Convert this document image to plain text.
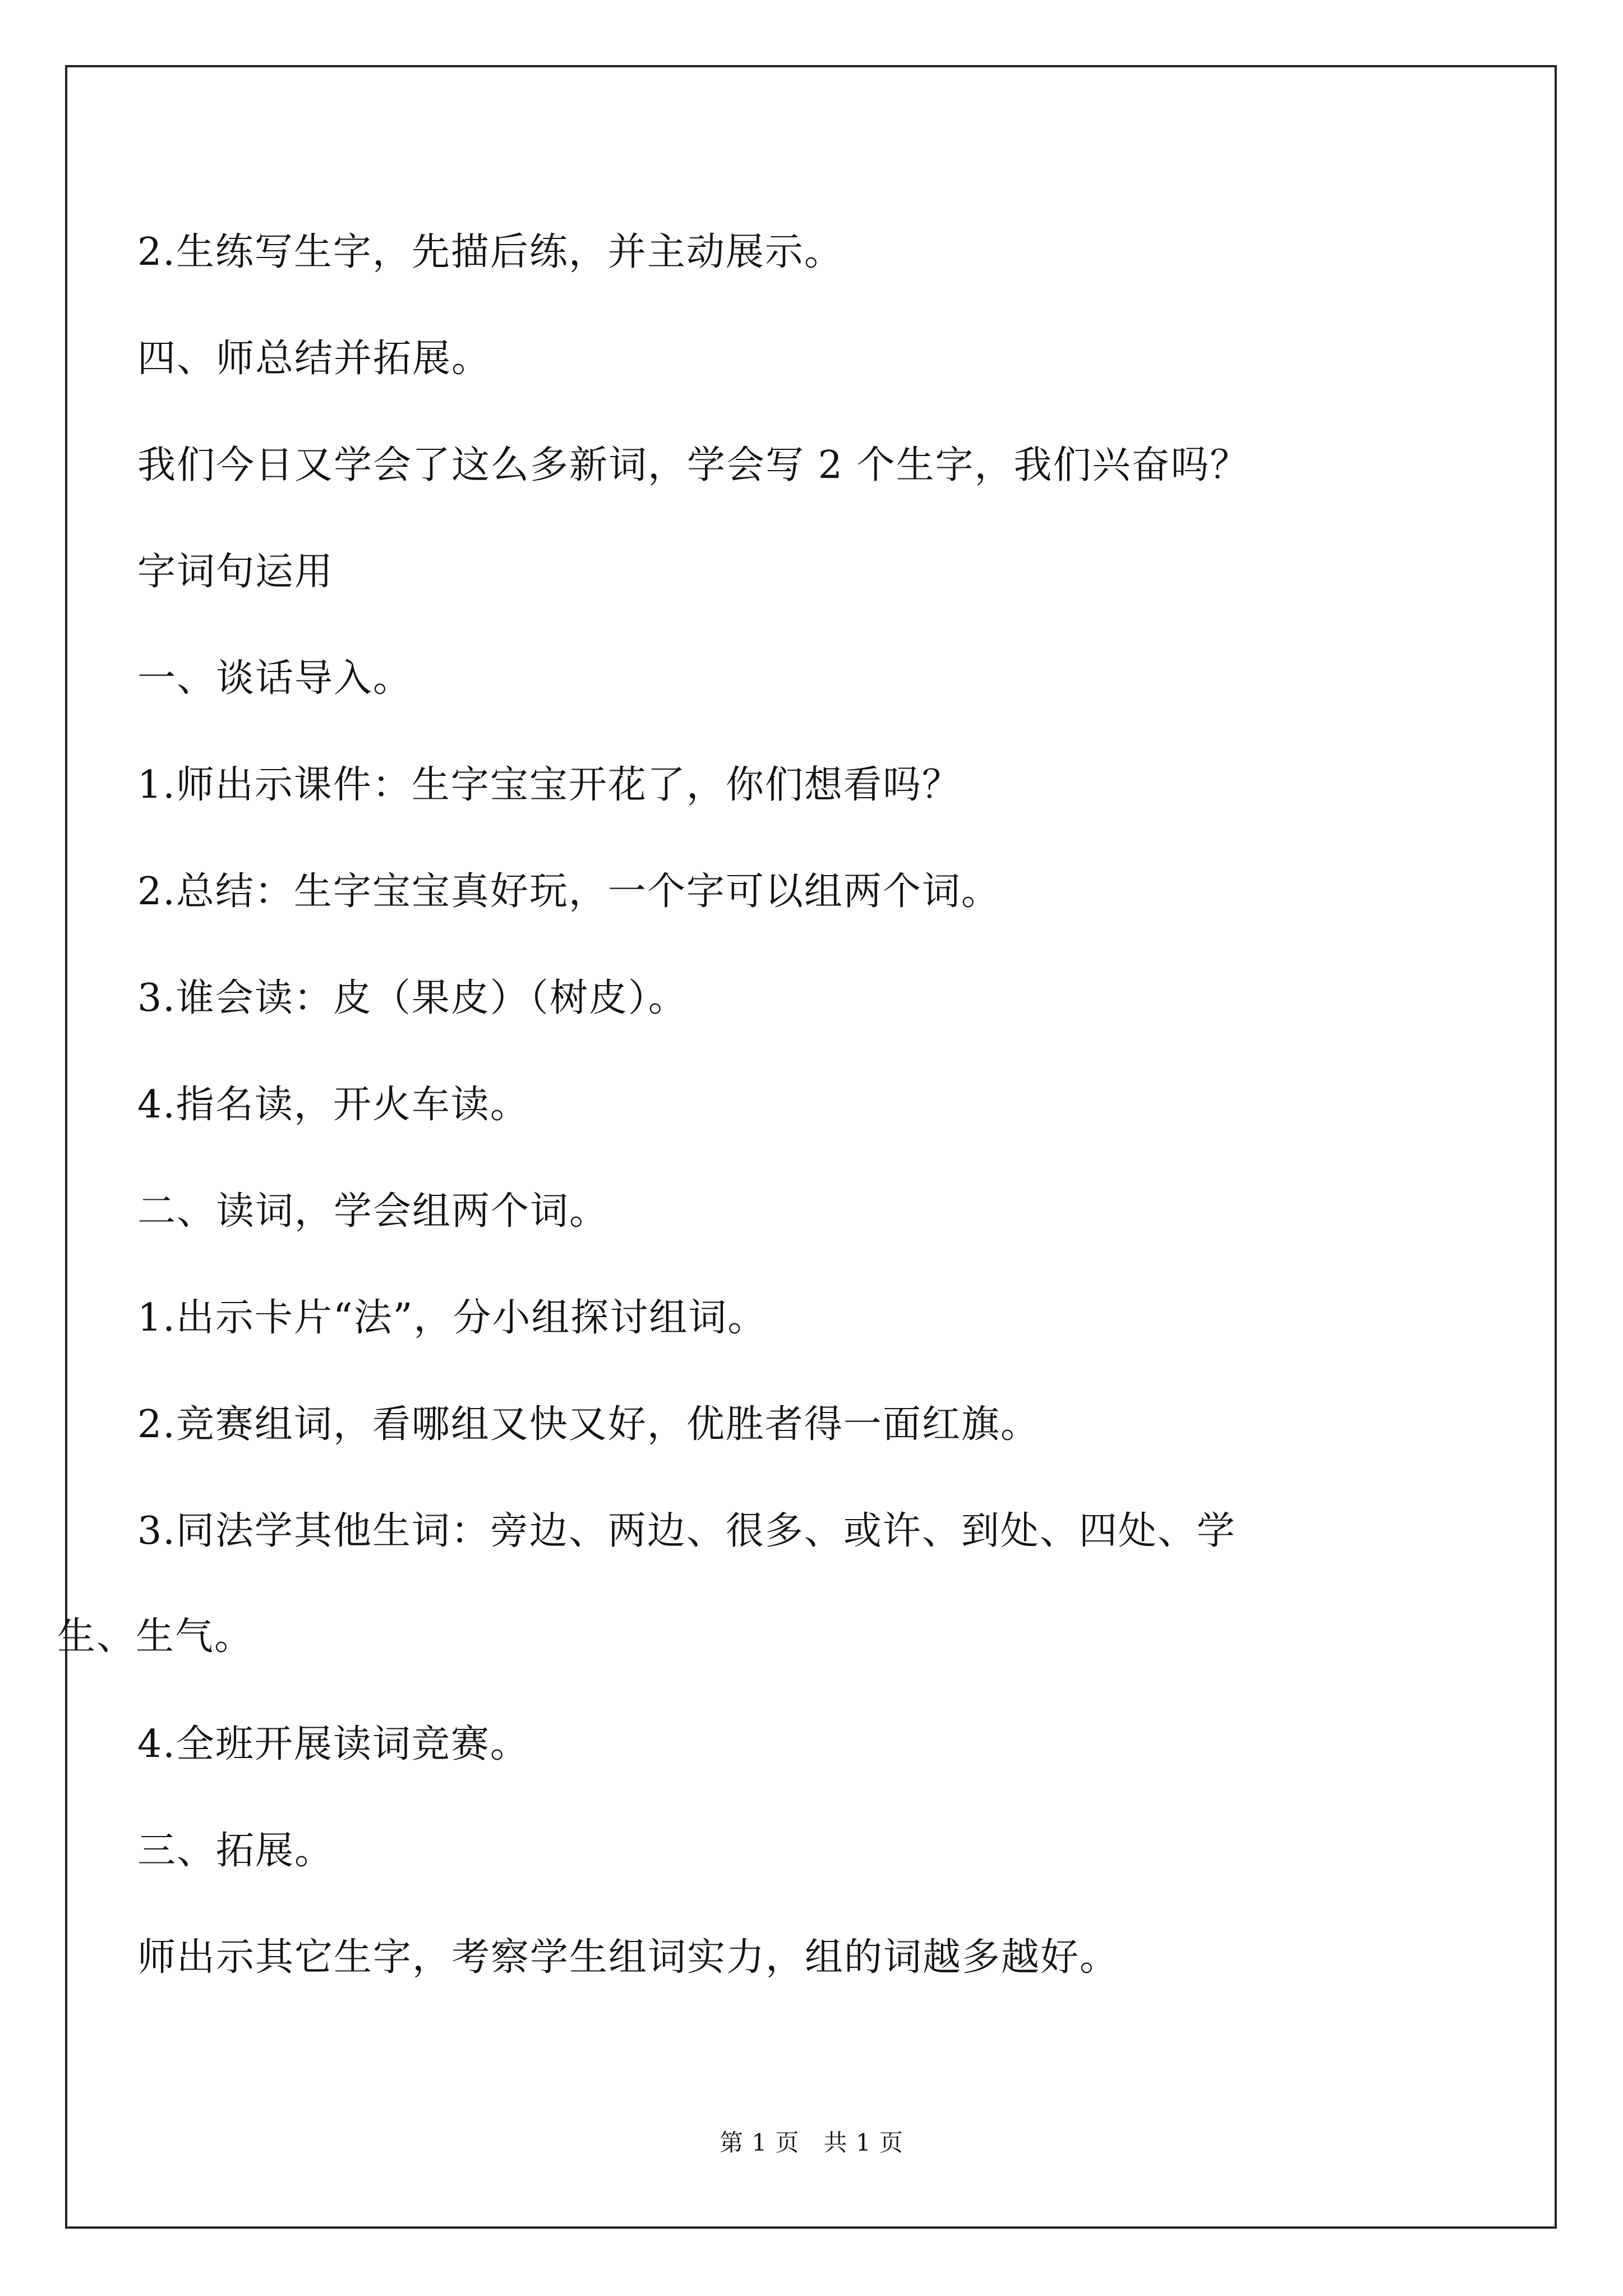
2.生练写生字，先描后练，并主动展示。
四、师总结并拓展。
我们今日又学会了这么多新词，学会写 2 个生字，我们兴奋吗？
字词句运用
一、谈话导入。
1.师出示课件：生字宝宝开花了，你们想看吗？
2.总结：生字宝宝真好玩，一个字可以组两个词。
3.谁会读：皮（果皮）（树皮）。
4.指名读，开火车读。
二、读词，学会组两个词。
1.出示卡片“法”，分小组探讨组词。
2.竞赛组词，看哪组又快又好，优胜者得一面红旗。
3.同法学其他生词：旁边、两边、很多、或许、到处、四处、学
生、生气。
4.全班开展读词竞赛。
三、拓展。
师出示其它生字，考察学生组词实力，组的词越多越好。
第 1 页　共 1 页
